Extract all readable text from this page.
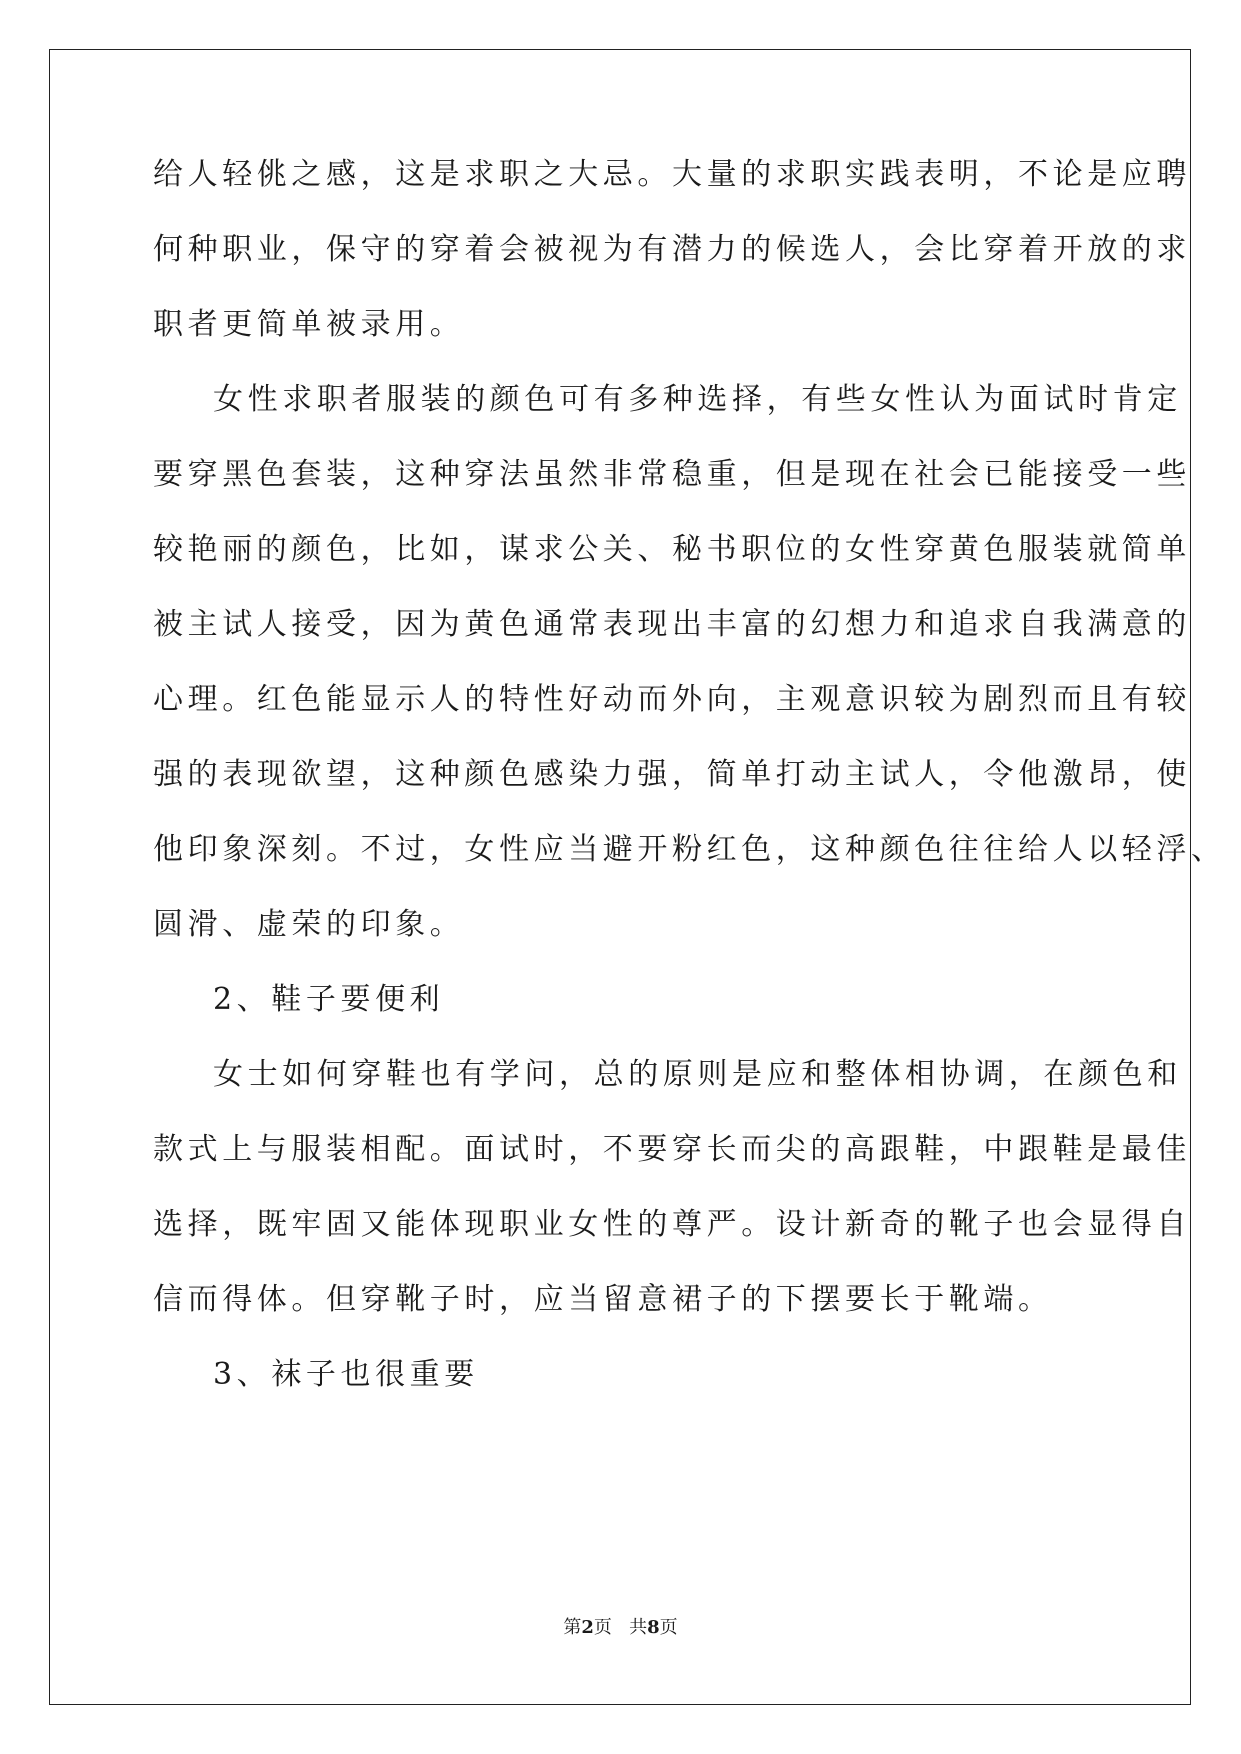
给人轻佻之感，这是求职之大忌。大量的求职实践表明，不论是应聘
何种职业，保守的穿着会被视为有潜力的候选人，会比穿着开放的求
职者更简单被录用。
女性求职者服装的颜色可有多种选择，有些女性认为面试时肯定
要穿黑色套装，这种穿法虽然非常稳重，但是现在社会已能接受一些
较艳丽的颜色，比如，谋求公关、秘书职位的女性穿黄色服装就简单
被主试人接受，因为黄色通常表现出丰富的幻想力和追求自我满意的
心理。红色能显示人的特性好动而外向，主观意识较为剧烈而且有较
强的表现欲望，这种颜色感染力强，简单打动主试人，令他激昂，使
他印象深刻。不过，女性应当避开粉红色，这种颜色往往给人以轻浮、
圆滑、虚荣的印象。
2、鞋子要便利
女士如何穿鞋也有学问，总的原则是应和整体相协调，在颜色和
款式上与服装相配。面试时，不要穿长而尖的高跟鞋，中跟鞋是最佳
选择，既牢固又能体现职业女性的尊严。设计新奇的靴子也会显得自
信而得体。但穿靴子时，应当留意裙子的下摆要长于靴端。
3、袜子也很重要
第2页 共8页
